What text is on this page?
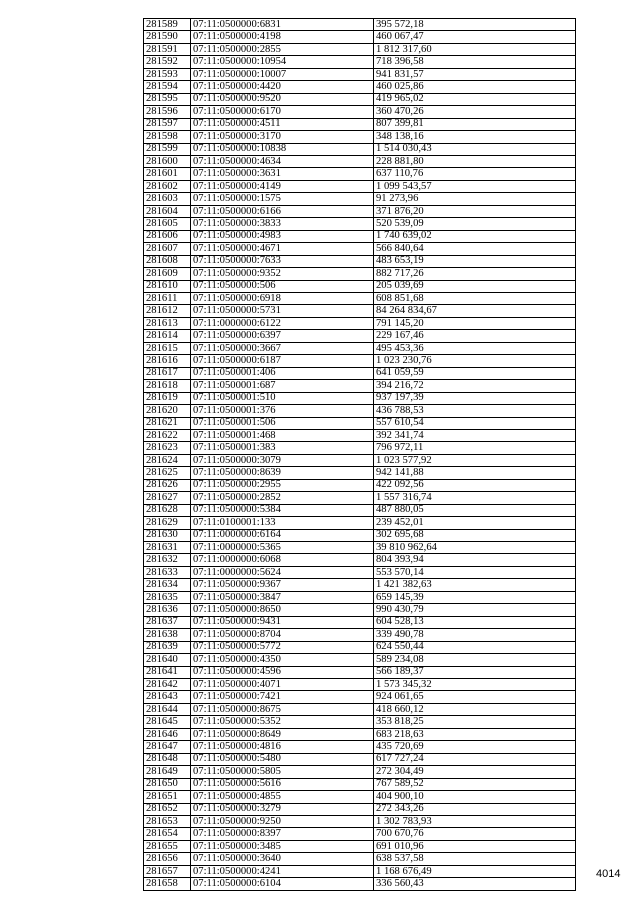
281589	07:11:0500000:6831	395 572,18
281590	07:11:0500000:4198	460 067,47
281591	07:11:0500000:2855	1 812 317,60
281592	07:11:0500000:10954	718 396,58
281593	07:11:0500000:10007	941 831,57
281594	07:11:0500000:4420	460 025,86
281595	07:11:0500000:9520	419 965,02
281596	07:11:0500000:6170	360 470,26
281597	07:11:0500000:4511	807 399,81
281598	07:11:0500000:3170	348 138,16
281599	07:11:0500000:10838	1 514 030,43
281600	07:11:0500000:4634	228 881,80
281601	07:11:0500000:3631	637 110,76
281602	07:11:0500000:4149	1 099 543,57
281603	07:11:0500000:1575	91 273,96
281604	07:11:0500000:6166	371 876,20
281605	07:11:0500000:3833	520 539,09
281606	07:11:0500000:4983	1 740 639,02
281607	07:11:0500000:4671	566 840,64
281608	07:11:0500000:7633	483 653,19
281609	07:11:0500000:9352	882 717,26
281610	07:11:0500000:506	205 039,69
281611	07:11:0500000:6918	608 851,68
281612	07:11:0500000:5731	84 264 834,67
281613	07:11:0000000:6122	791 145,20
281614	07:11:0500000:6397	229 167,46
281615	07:11:0500000:3667	495 453,36
281616	07:11:0500000:6187	1 023 230,76
281617	07:11:0500001:406	641 059,59
281618	07:11:0500001:687	394 216,72
281619	07:11:0500001:510	937 197,39
281620	07:11:0500001:376	436 788,53
281621	07:11:0500001:506	557 610,54
281622	07:11:0500001:468	392 341,74
281623	07:11:0500001:383	796 972,11
281624	07:11:0500000:3079	1 023 577,92
281625	07:11:0500000:8639	942 141,88
281626	07:11:0500000:2955	422 092,56
281627	07:11:0500000:2852	1 557 316,74
281628	07:11:0500000:5384	487 880,05
281629	07:11:0100001:133	239 452,01
281630	07:11:0000000:6164	302 695,68
281631	07:11:0000000:5365	39 810 962,64
281632	07:11:0000000:6068	804 393,94
281633	07:11:0000000:5624	553 570,14
281634	07:11:0500000:9367	1 421 382,63
281635	07:11:0500000:3847	659 145,39
281636	07:11:0500000:8650	990 430,79
281637	07:11:0500000:9431	604 528,13
281638	07:11:0500000:8704	339 490,78
281639	07:11:0500000:5772	624 550,44
281640	07:11:0500000:4350	589 234,08
281641	07:11:0500000:4596	566 189,37
281642	07:11:0500000:4071	1 573 345,32
281643	07:11:0500000:7421	924 061,65
281644	07:11:0500000:8675	418 660,12
281645	07:11:0500000:5352	353 818,25
281646	07:11:0500000:8649	683 218,63
281647	07:11:0500000:4816	435 720,69
281648	07:11:0500000:5480	617 727,24
281649	07:11:0500000:5805	272 304,49
281650	07:11:0500000:5616	767 589,52
281651	07:11:0500000:4855	404 900,10
281652	07:11:0500000:3279	272 343,26
281653	07:11:0500000:9250	1 302 783,93
281654	07:11:0500000:8397	700 670,76
281655	07:11:0500000:3485	691 010,96
281656	07:11:0500000:3640	638 537,58
281657	07:11:0500000:4241	1 168 676,49
281658	07:11:0500000:6104	336 560,43
4014
